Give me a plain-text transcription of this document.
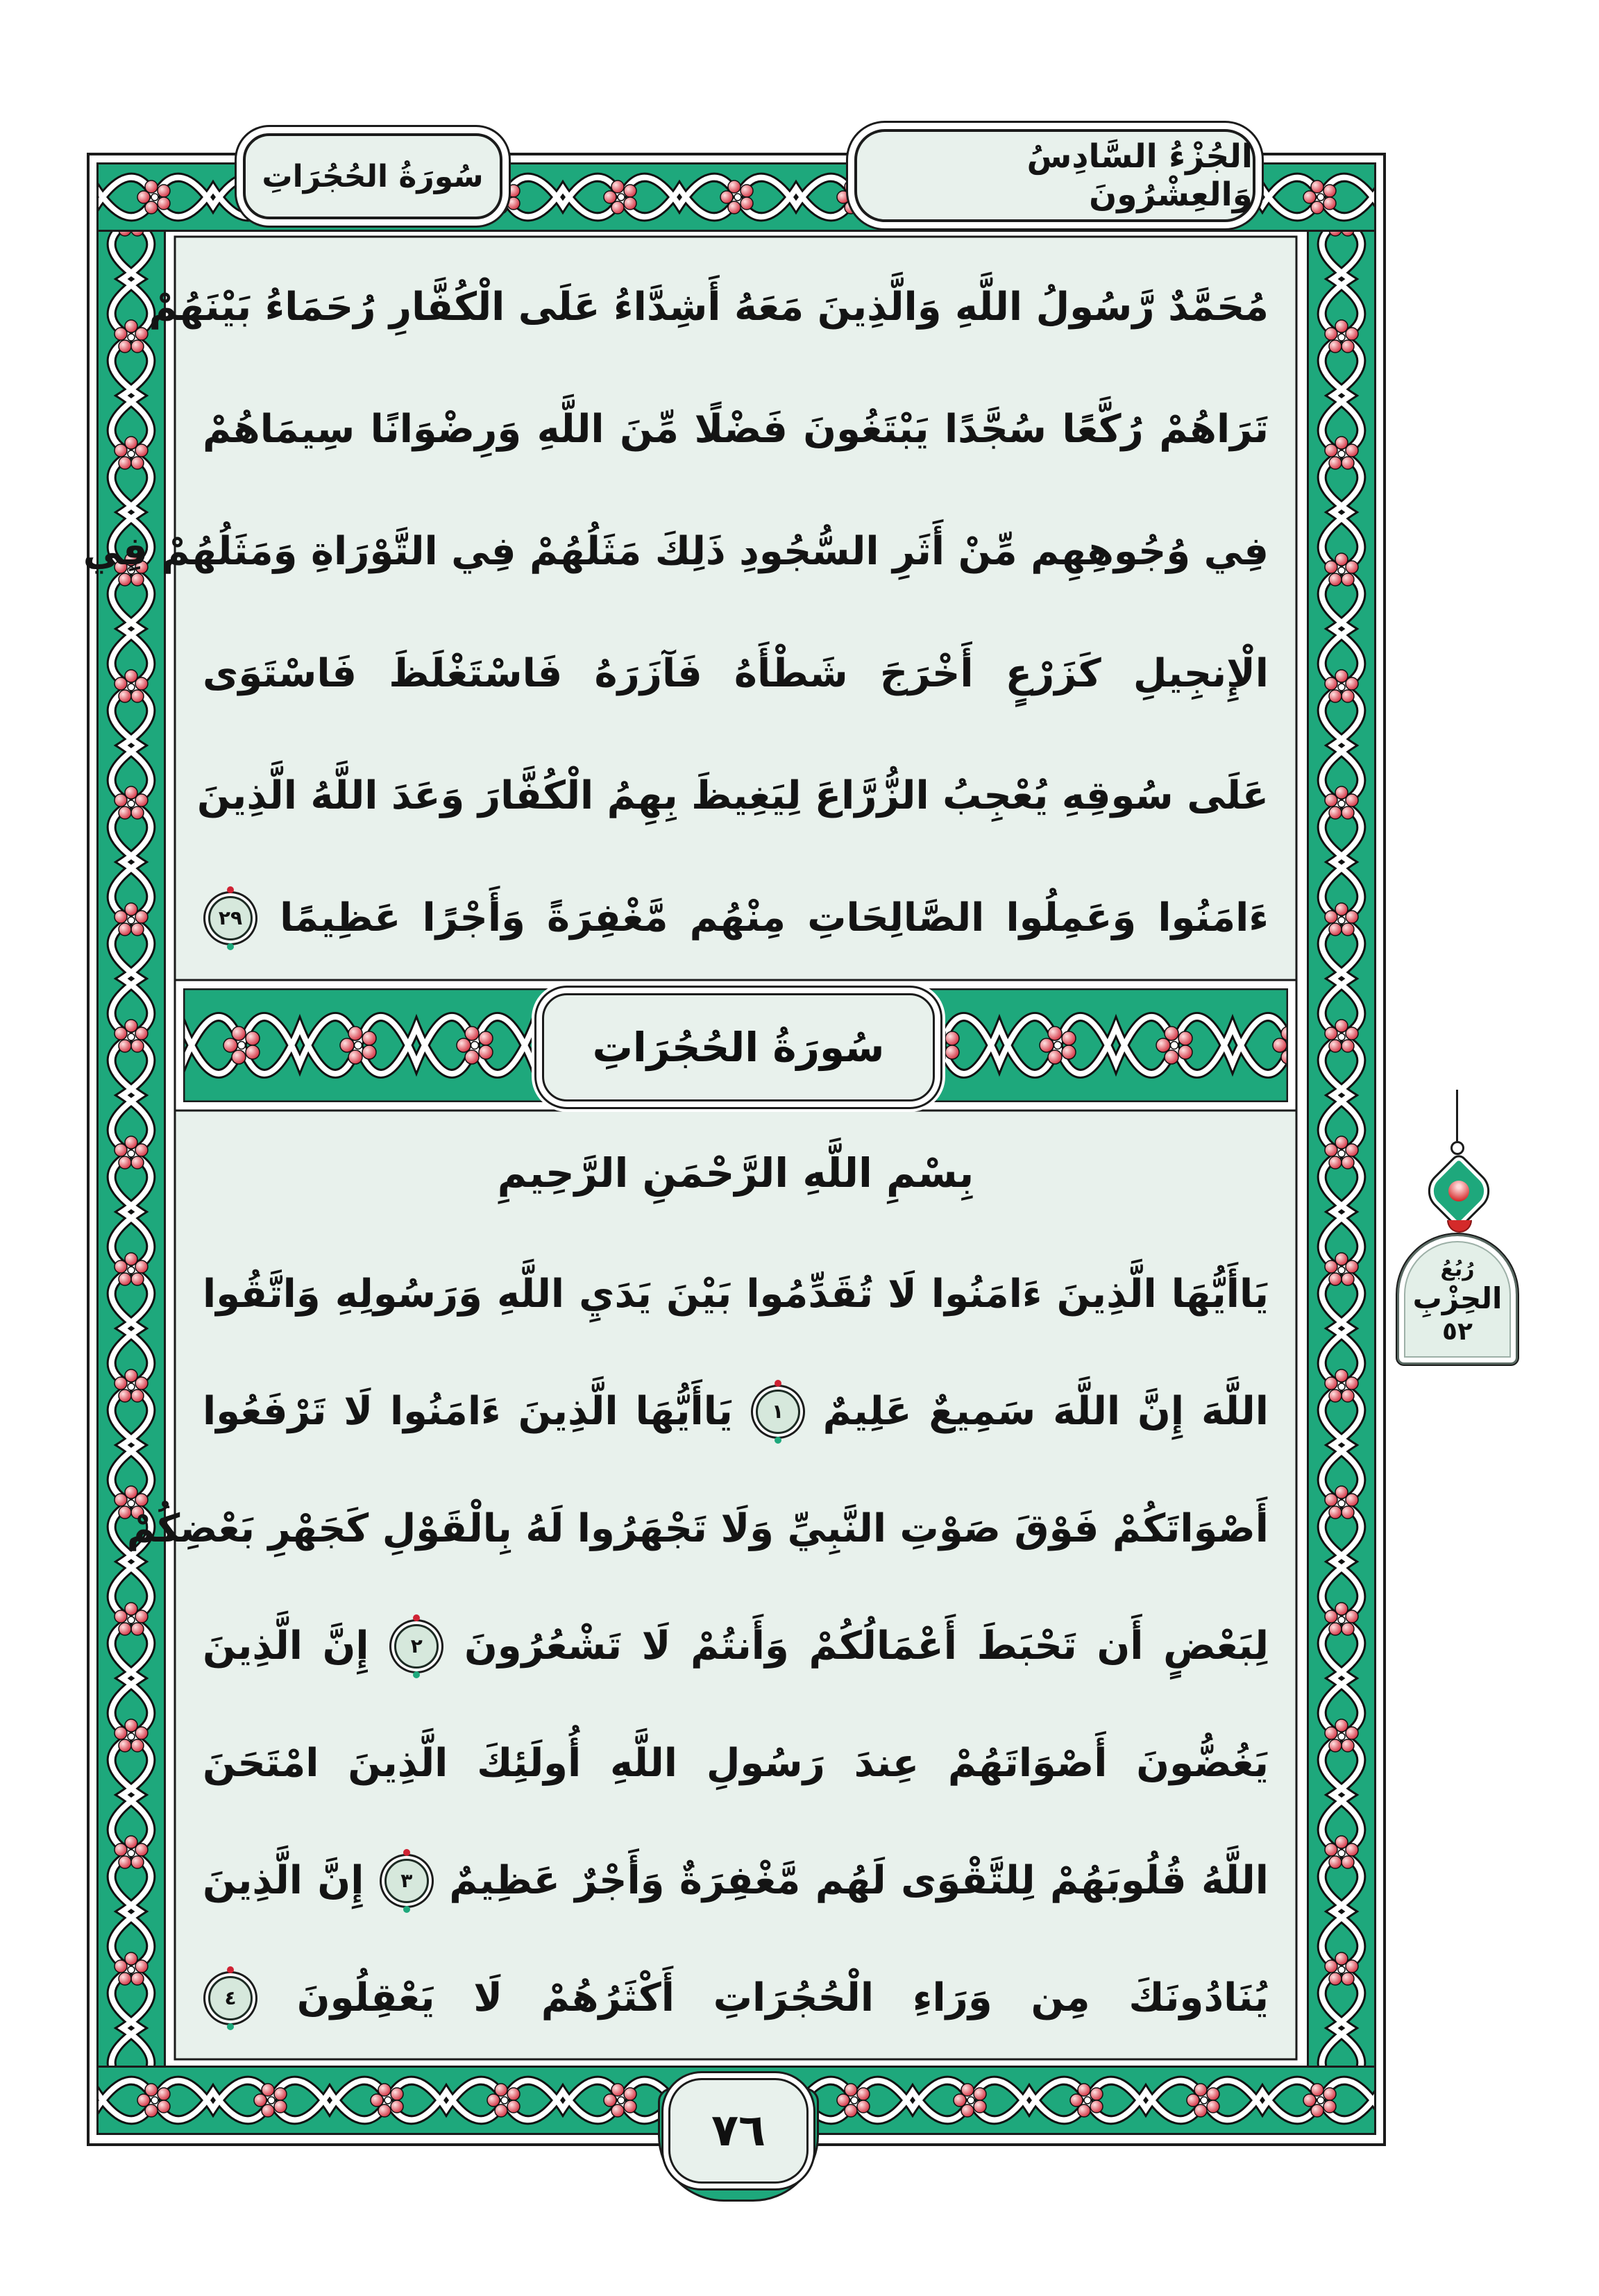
سُورَةُ الحُجُرَاتِ
الجُزْءُ السَّادِسُ وَالعِشْرُونَ
مُحَمَّدٌ رَّسُولُ اللَّهِ وَالَّذِينَ مَعَهُ أَشِدَّاءُ عَلَى الْكُفَّارِ رُحَمَاءُ بَيْنَهُمْ
تَرَاهُمْ رُكَّعًا سُجَّدًا يَبْتَغُونَ فَضْلًا مِّنَ اللَّهِ وَرِضْوَانًا سِيمَاهُمْ
فِي وُجُوهِهِم مِّنْ أَثَرِ السُّجُودِ ذَلِكَ مَثَلُهُمْ فِي التَّوْرَاةِ وَمَثَلُهُمْ فِي
الْإِنجِيلِ كَزَرْعٍ أَخْرَجَ شَطْأَهُ فَآزَرَهُ فَاسْتَغْلَظَ فَاسْتَوَى
عَلَى سُوقِهِ يُعْجِبُ الزُّرَّاعَ لِيَغِيظَ بِهِمُ الْكُفَّارَ وَعَدَ اللَّهُ الَّذِينَ
ءَامَنُوا وَعَمِلُوا الصَّالِحَاتِ مِنْهُم مَّغْفِرَةً وَأَجْرًا عَظِيمًا
٢٩
سُورَةُ الحُجُرَاتِ
بِسْمِ اللَّهِ الرَّحْمَنِ الرَّحِيمِ
يَاأَيُّهَا الَّذِينَ ءَامَنُوا لَا تُقَدِّمُوا بَيْنَ يَدَيِ اللَّهِ وَرَسُولِهِ وَاتَّقُوا
اللَّهَ إِنَّ اللَّهَ سَمِيعٌ عَلِيمٌ
١
يَاأَيُّهَا الَّذِينَ ءَامَنُوا لَا تَرْفَعُوا
أَصْوَاتَكُمْ فَوْقَ صَوْتِ النَّبِيِّ وَلَا تَجْهَرُوا لَهُ بِالْقَوْلِ كَجَهْرِ بَعْضِكُمْ
لِبَعْضٍ أَن تَحْبَطَ أَعْمَالُكُمْ وَأَنتُمْ لَا تَشْعُرُونَ
٢
إِنَّ الَّذِينَ
يَغُضُّونَ أَصْوَاتَهُمْ عِندَ رَسُولِ اللَّهِ أُولَئِكَ الَّذِينَ امْتَحَنَ
اللَّهُ قُلُوبَهُمْ لِلتَّقْوَى لَهُم مَّغْفِرَةٌ وَأَجْرٌ عَظِيمٌ
٣
إِنَّ الَّذِينَ
يُنَادُونَكَ مِن وَرَاءِ الْحُجُرَاتِ أَكْثَرُهُمْ لَا يَعْقِلُونَ
٤
٧٦
رُبُعُ
الحِزْبِ
٥٢
